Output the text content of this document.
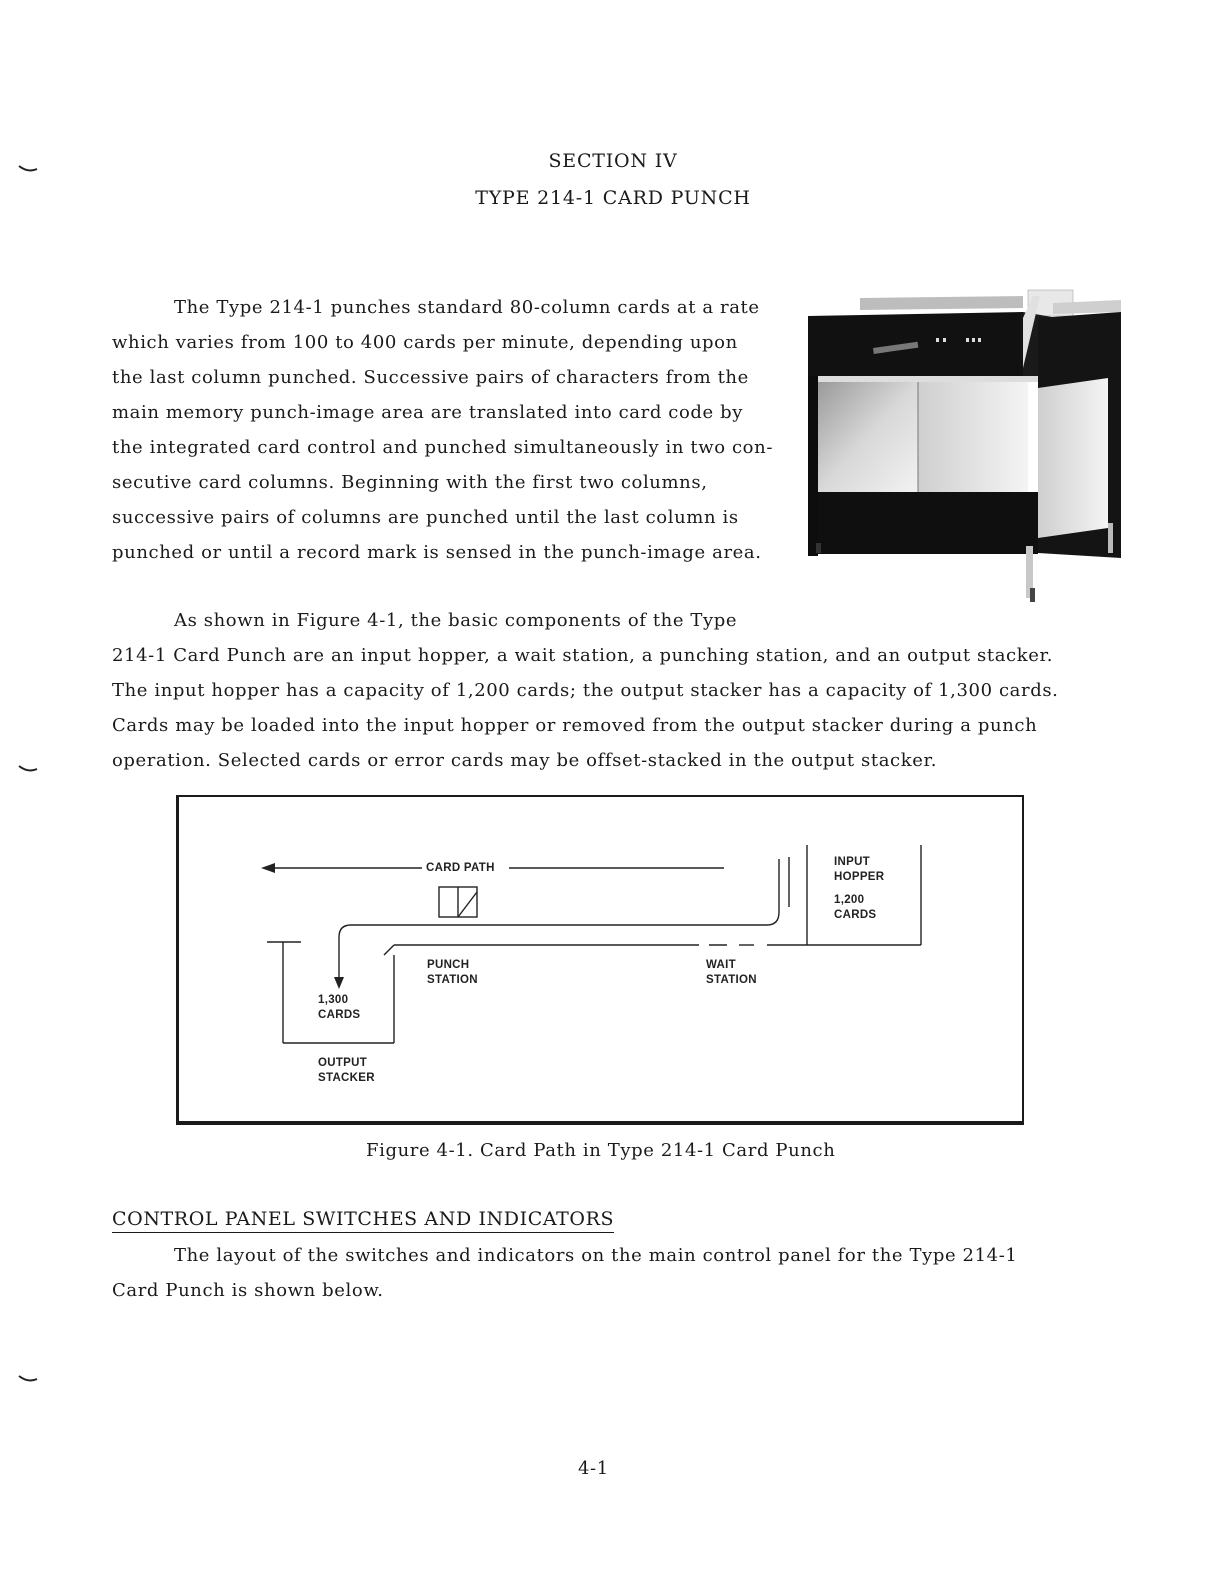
SECTION IV
TYPE 214-1 CARD PUNCH
The Type 214-1 punches standard 80-column cards at a rate
which varies from 100 to 400 cards per minute, depending upon
the last column punched. Successive pairs of characters from the
main memory punch-image area are translated into card code by
the integrated card control and punched simultaneously in two con-
secutive card columns. Beginning with the first two columns,
successive pairs of columns are punched until the last column is
punched or until a record mark is sensed in the punch-image area.
As shown in Figure 4-1, the basic components of the Type
214-1 Card Punch are an input hopper, a wait station, a punching station, and an output stacker.
The input hopper has a capacity of 1,200 cards; the output stacker has a capacity of 1,300 cards.
Cards may be loaded into the input hopper or removed from the output stacker during a punch
operation. Selected cards or error cards may be offset-stacked in the output stacker.
CARD PATH	INPUT
HOPPER
1,200
CARDS
PUNCH
STATION
WAIT
STATION
1,300
CARDS
OUTPUT
STACKER
Figure 4-1. Card Path in Type 214-1 Card Punch
CONTROL PANEL SWITCHES AND INDICATORS
The layout of the switches and indicators on the main control panel for the Type 214-1
Card Punch is shown below.
4-1
